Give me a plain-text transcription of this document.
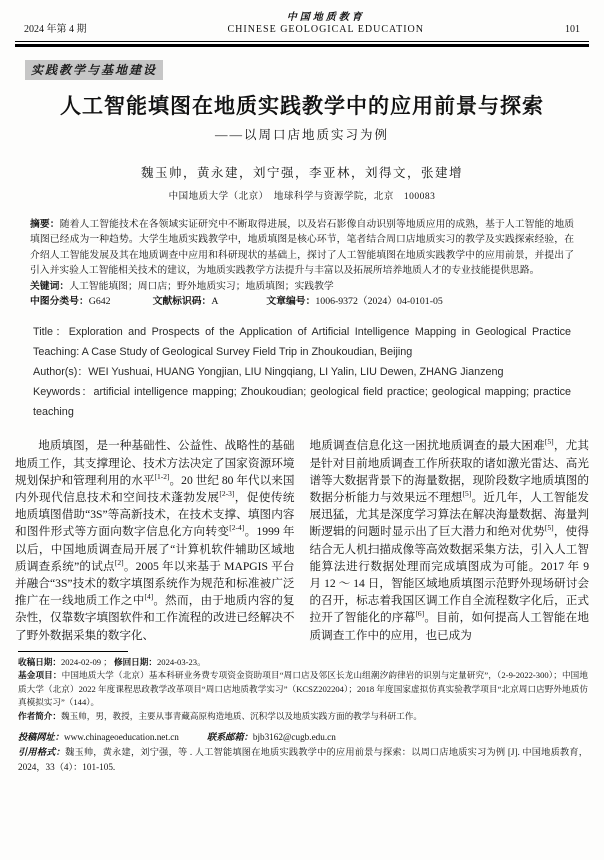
2024 年第 4 期
中国地质教育
CHINESE GEOLOGICAL EDUCATION	101
实践教学与基地建设
人工智能填图在地质实践教学中的应用前景与探索
——以周口店地质实习为例
魏玉帅，黄永建，刘宁强，李亚林，刘得文，张建增
中国地质大学（北京）　地球科学与资源学院，北京　100083
摘要：随着人工智能技术在各领域实证研究中不断取得进展，以及岩石影像自动识别等地质应用的成熟，基于人工智能的地质填图已经成为一种趋势。大学生地质实践教学中，地质填图是核心环节，笔者结合周口店地质实习的教学及实践探索经验，在介绍人工智能发展及其在地质调查中应用和科研现状的基础上，探讨了人工智能填图在地质实践教学中的应用前景，并提出了引入并实验人工智能相关技术的建议，为地质实践教学方法提升与丰富以及拓展所培养地质人才的专业技能提供思路。
关键词：人工智能填图；周口店；野外地质实习；地质填图；实践教学
中图分类号：G642	文献标识码：A	文章编号：1006-9372（2024）04-0101-05
Title：Exploration and Prospects of the Application of Artificial Intelligence Mapping in Geological Practice Teaching: A Case Study of Geological Survey Field Trip in Zhoukoudian, Beijing
Author(s)：WEI Yushuai, HUANG Yongjian, LIU Ningqiang, LI Yalin, LIU Dewen, ZHANG Jianzeng
Keywords：artificial intelligence mapping; Zhoukoudian; geological field practice; geological mapping; practice teaching

地质填图，是一种基础性、公益性、战略性的基础地质工作，其支撑理论、技术方法决定了国家资源环境规划保护和管理利用的水平[1-2]。20 世纪 80 年代以来国内外现代信息技术和空间技术蓬勃发展[2-3]，促使传统地质填图借助“3S”等高新技术，在技术支撑、填图内容和图件形式等方面向数字信息化方向转变[2-4]。1999 年以后，中国地质调查局开展了“计算机软件辅助区域地质调查系统”的试点[2]。2005 年以来基于 MAPGIS 平台并融合“3S”技术的数字填图系统作为规范和标准被广泛推广在一线地质工作之中[4]。然而，由于地质内容的复杂性，仅靠数字填图软件和工作流程的改进已经解决不了野外数据采集的数字化、

地质调查信息化这一困扰地质调查的最大困难[5]，尤其是针对目前地质调查工作所获取的诸如激光雷达、高光谱等大数据背景下的海量数据，现阶段数字地质填图的数据分析能力与效果远不理想[5]。近几年，人工智能发展迅猛，尤其是深度学习算法在解决海量数据、海量判断逻辑的问题时显示出了巨大潜力和绝对优势[5]，使得结合无人机扫描成像等高效数据采集方法，引入人工智能算法进行数据处理而完成填图成为可能。2017 年 9 月 12 ～ 14 日，智能区域地质填图示范野外现场研讨会的召开，标志着我国区调工作自全流程数字化后，正式拉开了智能化的序幕[6]。目前，如何提高人工智能在地质调查工作中的应用，也已成为

收稿日期：2024-02-09 ； 修回日期：2024-03-23。

基金项目：中国地质大学（北京）基本科研业务费专项资金资助项目“周口店及邻区长龙山组潮汐韵律岩的识别与定量研究”，（2-9-2022-300）；中国地质大学（北京）2022 年度课程思政教学改革项目“周口店地质教学实习”（KCSZ202204）；2018 年度国家虚拟仿真实验教学项目“北京周口店野外地质仿真模拟实习”（144）。

作者简介：魏玉帅，男，教授，主要从事青藏高原构造地质、沉积学以及地质实践方面的教学与科研工作。

投稿网址：www.chinageoeducation.net.cn	联系邮箱：bjb3162@cugb.edu.cn

引用格式：魏玉帅，黄永建，刘宁强，等 . 人工智能填图在地质实践教学中的应用前景与探索：以周口店地质实习为例 [J]. 中国地质教育，2024，33（4）：101-105.
